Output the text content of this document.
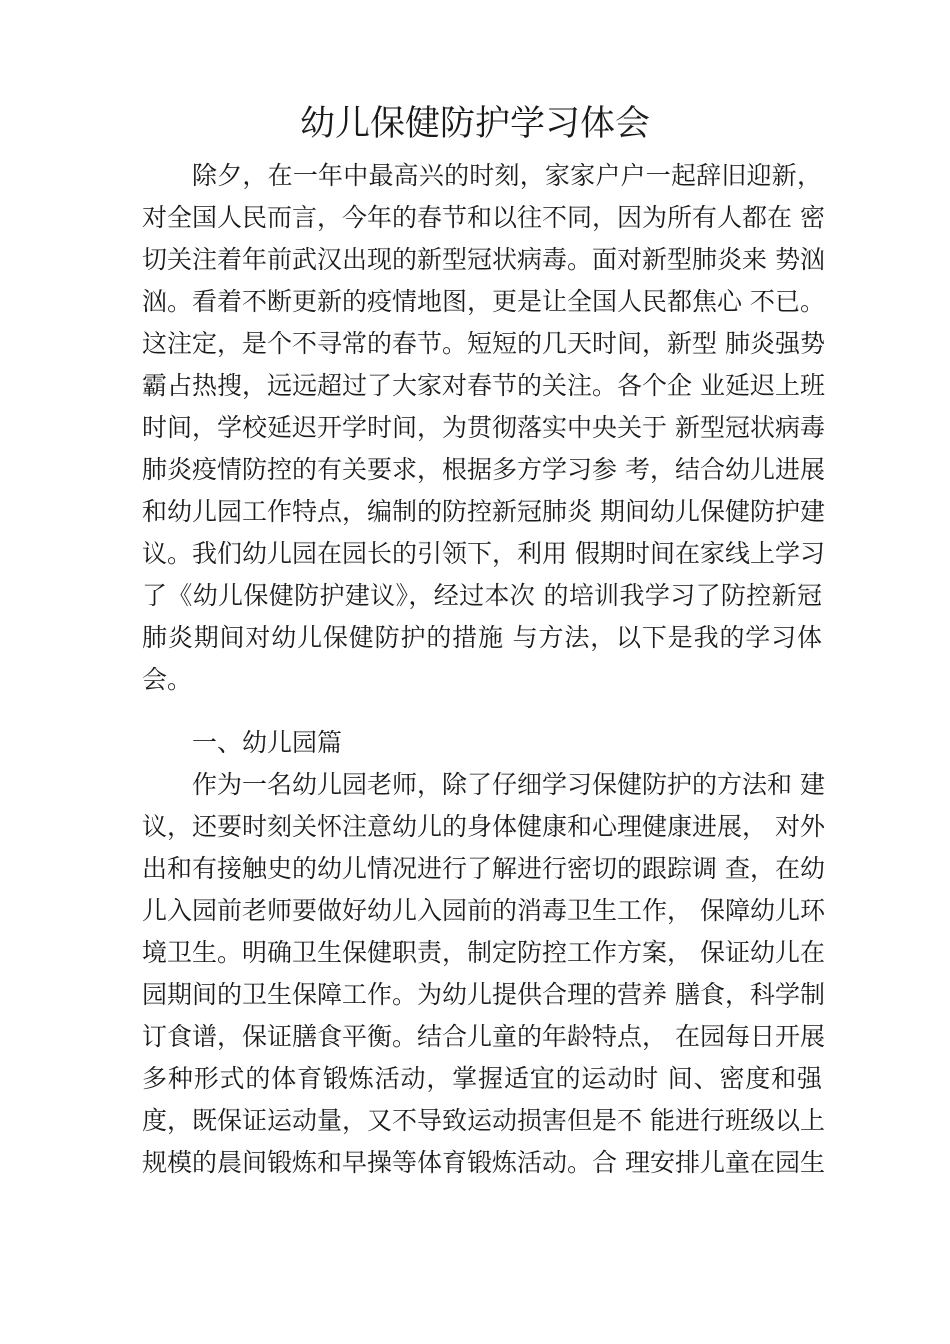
幼儿保健防护学习体会
除夕，在一年中最高兴的时刻，家家户户一起辞旧迎新，
对全国人民而言，今年的春节和以往不同，因为所有人都在 密
切关注着年前武汉出现的新型冠状病毒。面对新型肺炎来 势汹
汹。看着不断更新的疫情地图，更是让全国人民都焦心 不已。
这注定，是个不寻常的春节。短短的几天时间，新型 肺炎强势
霸占热搜，远远超过了大家对春节的关注。各个企 业延迟上班
时间，学校延迟开学时间，为贯彻落实中央关于 新型冠状病毒
肺炎疫情防控的有关要求，根据多方学习参 考，结合幼儿进展
和幼儿园工作特点，编制的防控新冠肺炎 期间幼儿保健防护建
议。我们幼儿园在园长的引领下，利用 假期时间在家线上学习
了《幼儿保健防护建议》，经过本次 的培训我学习了防控新冠
肺炎期间对幼儿保健防护的措施 与方法，以下是我的学习体
会。
一、幼儿园篇
作为一名幼儿园老师，除了仔细学习保健防护的方法和 建
议，还要时刻关怀注意幼儿的身体健康和心理健康进展， 对外
出和有接触史的幼儿情况进行了解进行密切的跟踪调 查，在幼
儿入园前老师要做好幼儿入园前的消毒卫生工作， 保障幼儿环
境卫生。明确卫生保健职责，制定防控工作方案， 保证幼儿在
园期间的卫生保障工作。为幼儿提供合理的营养 膳食，科学制
订食谱，保证膳食平衡。结合儿童的年龄特点， 在园每日开展
多种形式的体育锻炼活动，掌握适宜的运动时 间、密度和强
度，既保证运动量，又不导致运动损害但是不 能进行班级以上
规模的晨间锻炼和早操等体育锻炼活动。合 理安排儿童在园生
